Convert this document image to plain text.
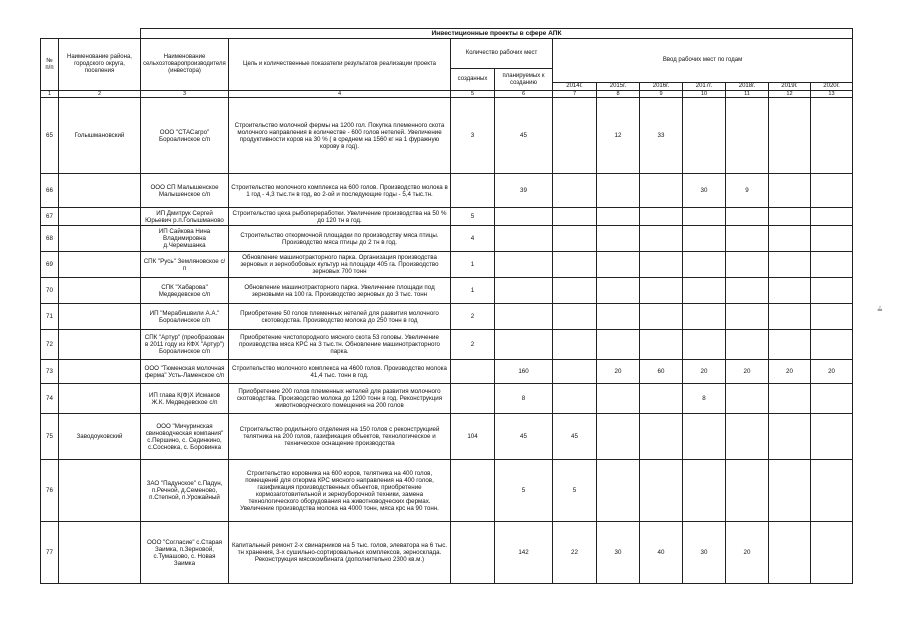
		Инвестиционные проекты в сфере АПК										
№ п/п	Наименование района, городского округа, поселения	Наименование сельхозтоваропроизводителя (инвестора)	Цель и количественные показатели результатов реализации проекта	Количество рабочих мест		Ввод рабочих мест по годам						
				созданных	планируемых к созданию							
						2014г.	2015г.	2016г.	2017г.	2018г.	2019г.	2020г.
1	2	3	4	5	6	7	8	9	10	11	12	13
65	Голышмановский	ООО "СТАСагро" Бороалинское с/п	Строительство молочной фермы на 1200 гол. Покупка племенного скота молочного направления в количестве - 600 голов нетелей. Увеличение продуктивности коров на 30 % ( в среднем на 1560 кг на 1 фуражную корову в год).	3	45		12	33				
66		ООО СП Малышенское Малышенское с/п	Строительство молочного комплекса на 600 голов. Производство молока в 1 год - 4,3 тыс.тн в год, во 2-ой и последующие годы - 5,4 тыс.тн.		39				30	9		
67		ИП Дмитрук Сергей Юрьевич р.п.Голышманово	Строительство цеха рыбопереработки. Увеличение производства на 50 % до 120 тн в год.	5								
68		ИП Сайкова Нина Владимировна д.Черемшанка	Строительство откормочной площадки по производству мяса птицы. Производство мяса птицы до 2 тн в год.	4								
69		СПК "Русь" Земляновское с/п	Обновление машинотракторного парка. Организация производства зерновых и зернобобовых культур на площади 405 га. Производство зерновых 700 тонн	1								
70		СПК "Хабарова" Медведевское с/п	Обновление машинотракторного парка. Увеличение площади под зерновыми на 100 га. Производство зерновых до 3 тыс. тонн	1								
71		ИП "Мерабишвили А.А." Бороалинское с/п	Приобретение 50 голов племенных нетелей для развития молочного скотоводства. Производство молока до 250 тонн в год	2								
72		СПК "Артур" (преобразован в 2011 году из КФХ "Артур") Бороалинское с/п	Приобретение чистопородного мясного скота 53 головы. Увеличение производства мяса КРС на 3 тыс.тн. Обновление машинотракторного парка.	2								
73		ООО "Тюменская молочная ферма" Усть-Ламенское с/п	Строительство молочного комплекса на 4600 голов. Производство молока 41,4 тыс. тонн в год.		160		20	60	20	20	20	20
74		ИП глава К(Ф)Х Исмаков Ж.К. Медведевское с/п	Приобретение 200 голов племенных нетелей для развития молочного скотоводства. Производство молока до 1200 тонн в год. Реконструкция животноводческого помещения на 200 голов		8				8			
75	Заводоуковский	ООО "Мичуринская свиноводческая компания" с.Першино, с. Сединкино, с.Сосновка, с. Боровинка	Строительство родильного отделения на 150 голов с реконструкцией телятника на 200 голов, газификация объектов, технологическое и техническое оснащение производства	104	45	45						
76		ЗАО "Падунское" с.Падун, п.Речной, д.Семеново, п.Степной, п.Урожайный	Строительство коровника на 600 коров, телятника на 400 голов, помещений для откорма КРС мясного направления на 400 голов, газификация производственных объектов, приобретение кормозаготовительной и зерноуборочной техники, замена технологического оборудования на животноводческих фермах. Увеличение производства молока на 4000 тонн, мяса крс на 90 тонн.		5	5						
77		ООО "Согласие" с.Старая Заимка, п.Зерновой, с.Тумашово, с. Новая Заимка	Капитальный ремонт 2-х свинарников на 5 тыс. голов, элеватора на 6 тыс. тн хранения, 3-х сушильно-сортировальных комплексов, зерносклада. Реконструкция мясокомбината (дополнительно 2300 кв.м.)		142	22	30	40	30	20		
≟
